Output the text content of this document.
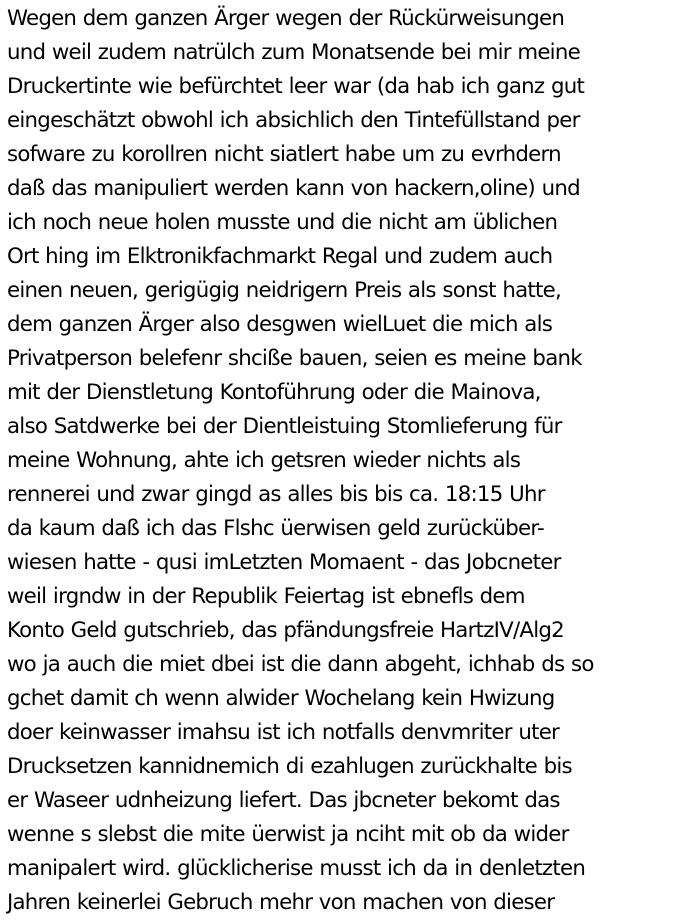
Wegen dem ganzen Ärger wegen der Rückürweisungen
und weil zudem natrülch zum Monatsende bei mir meine
Druckertinte wie befürchtet leer war (da hab ich ganz gut
eingeschätzt obwohl ich absichlich den Tintefüllstand per
sofware zu korollren nicht siatlert habe um zu evrhdern
daß das manipuliert werden kann von hackern,oline) und
ich noch neue holen musste und die nicht am üblichen
Ort hing im Elktronikfachmarkt Regal und zudem auch
einen neuen, gerigügig neidrigern Preis als sonst hatte,
dem ganzen Ärger also desgwen wielLuet die mich als
Privatperson belefenr shcißе bauen, seien es meine bank
mit der Dienstletung Kontoführung oder die Mainova,
also Satdwerke bei der Dientleistuing Stomlieferung für
meine Wohnung, ahte ich getsren wieder nichts als
rennerei und zwar gingd as alles bis bis ca. 18:15 Uhr
da kaum daß ich das Flshc üerwisen geld zurücküber-
wiesen hatte - qusi imLetzten Momaent - das Jobcneter
weil irgndw in der Republik Feiertag ist ebnefls dem
Konto Geld gutschrieb, das pfändungsfreie HartzIV/Alg2
wo ja auch die miet dbei ist die dann abgeht, ichhab ds so
gchet damit ch wenn alwider Wochelang kein Hwizung
doer keinwasser imahsu ist ich notfalls denvmriter uter
Drucksetzen kannidnemich di ezahlugen zurückhalte bis
er Waseer udnheizung liefert. Das jbcneter bekomt das
wenne s slebst die mite üerwist ja nciht mit ob da wider
manipalert wird. glücklicherise musst ich da in denletzten
Jahren keinerlei Gebruch mehr von machen von dieser
